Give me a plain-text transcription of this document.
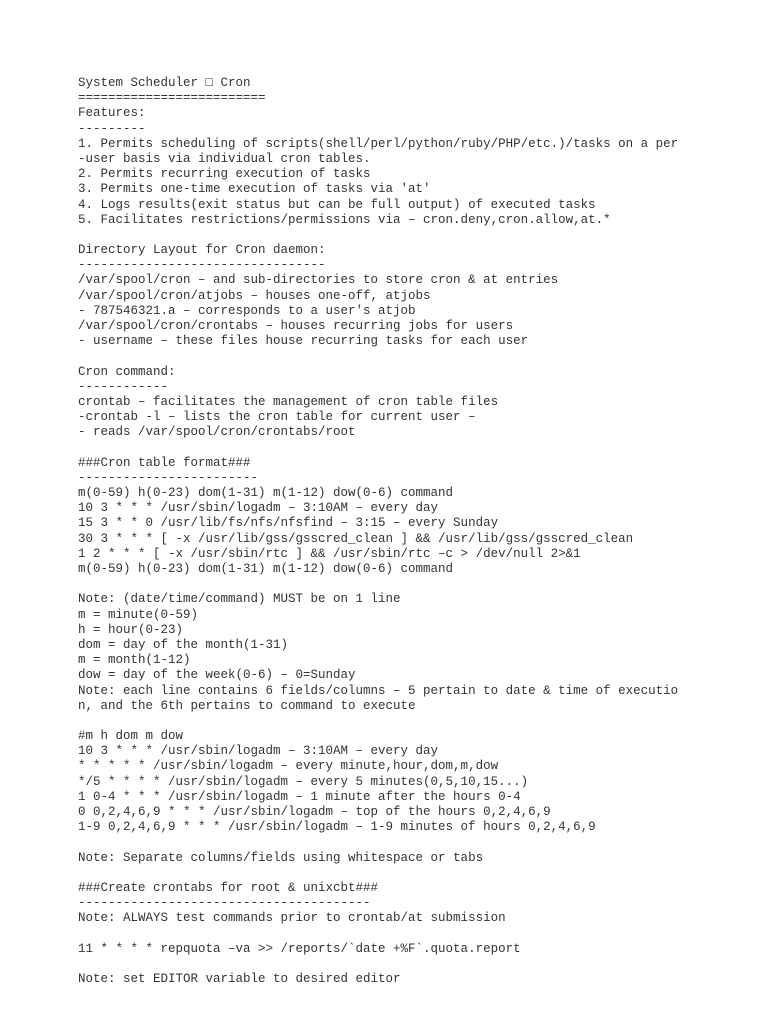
System Scheduler □ Cron
=========================
Features:
---------
1. Permits scheduling of scripts(shell/perl/python/ruby/PHP/etc.)/tasks on a per
-user basis via individual cron tables.
2. Permits recurring execution of tasks
3. Permits one-time execution of tasks via 'at'
4. Logs results(exit status but can be full output) of executed tasks
5. Facilitates restrictions/permissions via – cron.deny,cron.allow,at.*
Directory Layout for Cron daemon:
---------------------------------
/var/spool/cron – and sub-directories to store cron & at entries
/var/spool/cron/atjobs – houses one-off, atjobs
- 787546321.a – corresponds to a user's atjob
/var/spool/cron/crontabs – houses recurring jobs for users
- username – these files house recurring tasks for each user
Cron command:
------------
crontab – facilitates the management of cron table files
-crontab -l – lists the cron table for current user –
- reads /var/spool/cron/crontabs/root
###Cron table format###
------------------------
m(0-59) h(0-23) dom(1-31) m(1-12) dow(0-6) command
10 3 * * * /usr/sbin/logadm – 3:10AM – every day
15 3 * * 0 /usr/lib/fs/nfs/nfsfind – 3:15 – every Sunday
30 3 * * * [ -x /usr/lib/gss/gsscred_clean ] && /usr/lib/gss/gsscred_clean
1 2 * * * [ -x /usr/sbin/rtc ] && /usr/sbin/rtc –c > /dev/null 2>&1
m(0-59) h(0-23) dom(1-31) m(1-12) dow(0-6) command
Note: (date/time/command) MUST be on 1 line
m = minute(0-59)
h = hour(0-23)
dom = day of the month(1-31)
m = month(1-12)
dow = day of the week(0-6) – 0=Sunday
Note: each line contains 6 fields/columns – 5 pertain to date & time of executio
n, and the 6th pertains to command to execute
#m h dom m dow
10 3 * * * /usr/sbin/logadm – 3:10AM – every day
* * * * * /usr/sbin/logadm – every minute,hour,dom,m,dow
*/5 * * * * /usr/sbin/logadm – every 5 minutes(0,5,10,15...)
1 0-4 * * * /usr/sbin/logadm – 1 minute after the hours 0-4
0 0,2,4,6,9 * * * /usr/sbin/logadm – top of the hours 0,2,4,6,9
1-9 0,2,4,6,9 * * * /usr/sbin/logadm – 1-9 minutes of hours 0,2,4,6,9
Note: Separate columns/fields using whitespace or tabs
###Create crontabs for root & unixcbt###
---------------------------------------
Note: ALWAYS test commands prior to crontab/at submission
11 * * * * repquota –va >> /reports/`date +%F`.quota.report
Note: set EDITOR variable to desired editor
